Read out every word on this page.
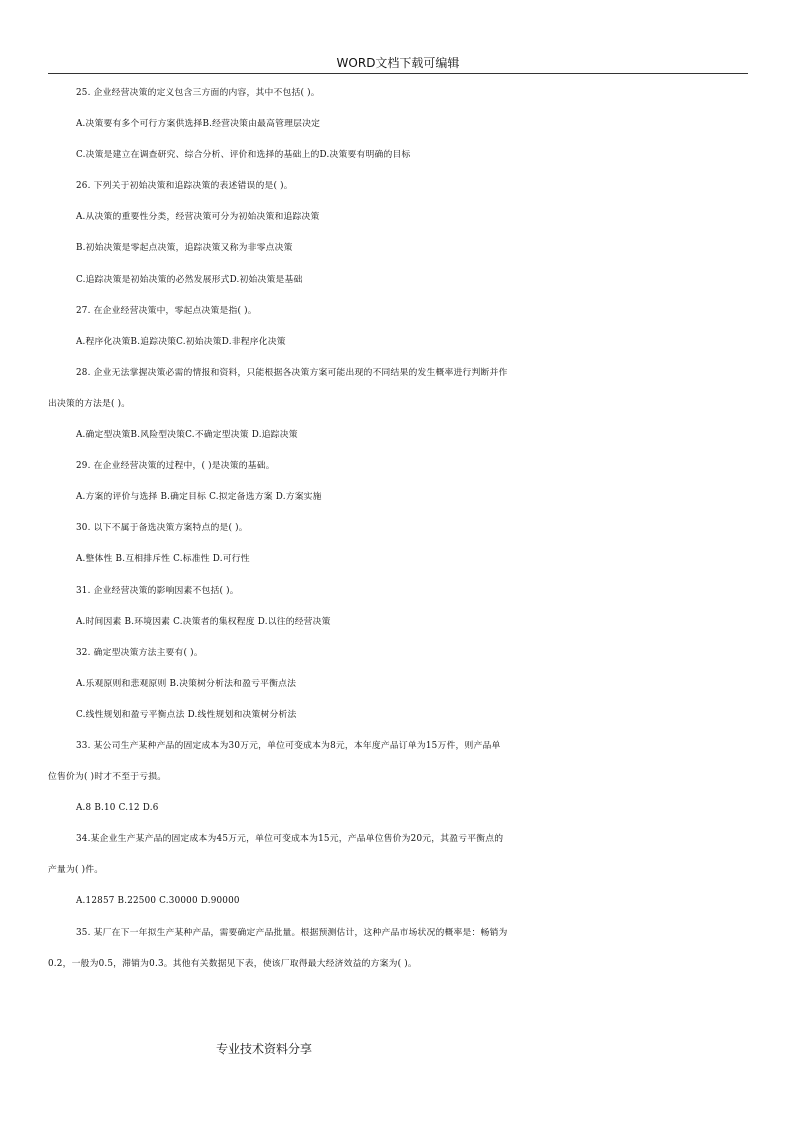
WORD文档下载可编辑
25. 企业经营决策的定义包含三方面的内容，其中不包括( )。
A.决策要有多个可行方案供选择B.经营决策由最高管理层决定
C.决策是建立在调查研究、综合分析、评价和选择的基础上的D.决策要有明确的目标
26. 下列关于初始决策和追踪决策的表述错误的是( )。
A.从决策的重要性分类，经营决策可分为初始决策和追踪决策
B.初始决策是零起点决策，追踪决策又称为非零点决策
C.追踪决策是初始决策的必然发展形式D.初始决策是基础
27. 在企业经营决策中，零起点决策是指( )。
A.程序化决策B.追踪决策C.初始决策D.非程序化决策
28. 企业无法掌握决策必需的情报和资料，只能根据各决策方案可能出现的不同结果的发生概率进行判断并作
出决策的方法是( )。
A.确定型决策B.风险型决策C.不确定型决策 D.追踪决策
29. 在企业经营决策的过程中，( )是决策的基础。
A.方案的评价与选择 B.确定目标 C.拟定备选方案 D.方案实施
30. 以下不属于备选决策方案特点的是( )。
A.整体性 B.互相排斥性 C.标准性 D.可行性
31. 企业经营决策的影响因素不包括( )。
A.时间因素 B.环境因素 C.决策者的集权程度 D.以往的经营决策
32. 确定型决策方法主要有( )。
A.乐观原则和悲观原则 B.决策树分析法和盈亏平衡点法
C.线性规划和盈亏平衡点法 D.线性规划和决策树分析法
33. 某公司生产某种产品的固定成本为30万元，单位可变成本为8元，本年度产品订单为15万件，则产品单
位售价为( )时才不至于亏损。
A.8 B.10 C.12 D.6
34.某企业生产某产品的固定成本为45万元，单位可变成本为15元，产品单位售价为20元，其盈亏平衡点的
产量为( )件。
A.12857 B.22500 C.30000 D.90000
35. 某厂在下一年拟生产某种产品，需要确定产品批量。根据预测估计，这种产品市场状况的概率是：畅销为
0.2，一般为0.5，滞销为0.3。其他有关数据见下表，使该厂取得最大经济效益的方案为( )。
专业技术资料分享
